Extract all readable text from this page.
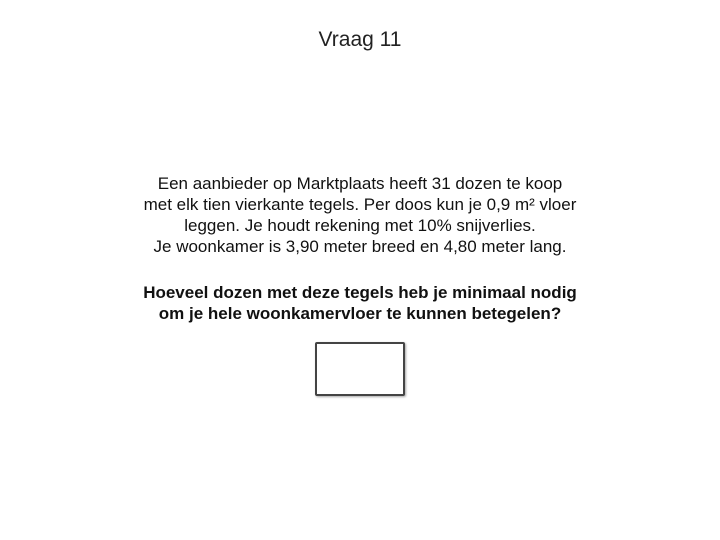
Vraag 11
Een aanbieder op Marktplaats heeft 31 dozen te koop
met elk tien vierkante tegels. Per doos kun je 0,9 m² vloer
leggen. Je houdt rekening met 10% snijverlies.
Je woonkamer is 3,90 meter breed en 4,80 meter lang.
Hoeveel dozen met deze tegels heb je minimaal nodig
om je hele woonkamervloer te kunnen betegelen?
